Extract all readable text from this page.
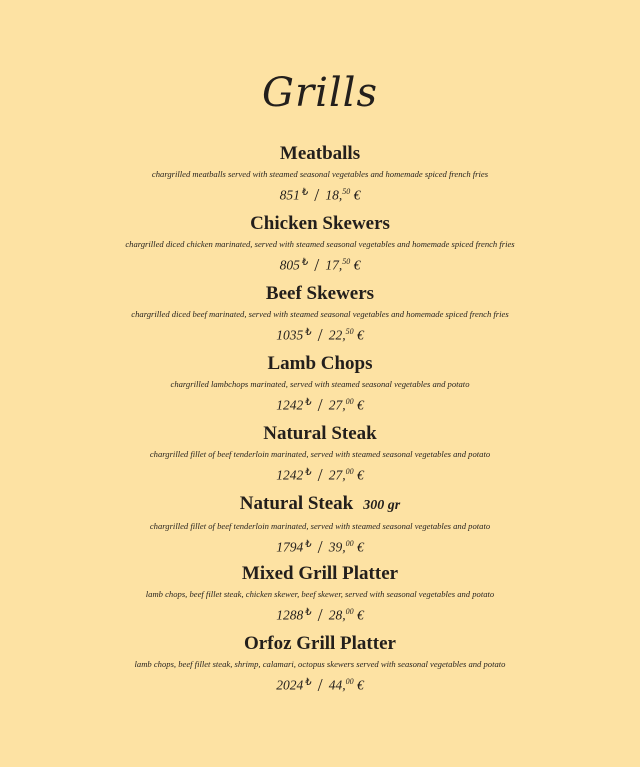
Grills
Meatballs
chargrilled meatballs served with steamed seasonal vegetables and homemade spiced french fries
851 ₺ / 18,50 €
Chicken Skewers
chargrilled diced chicken marinated, served with steamed seasonal vegetables and homemade spiced french fries
805 ₺ / 17,50 €
Beef Skewers
chargrilled diced beef marinated, served with steamed seasonal vegetables and homemade spiced french fries
1035 ₺ / 22,50 €
Lamb Chops
chargrilled lambchops marinated, served with steamed seasonal vegetables and potato
1242 ₺ / 27,00 €
Natural Steak
chargrilled fillet of beef tenderloin marinated, served with steamed seasonal vegetables and potato
1242 ₺ / 27,00 €
Natural Steak 300 gr
chargrilled fillet of beef tenderloin marinated, served with steamed seasonal vegetables and potato
1794 ₺ / 39,00 €
Mixed Grill Platter
lamb chops, beef fillet steak, chicken skewer, beef skewer, served with seasonal vegetables and potato
1288 ₺ / 28,00 €
Orfoz Grill Platter
lamb chops, beef fillet steak, shrimp, calamari, octopus skewers served with seasonal vegetables and potato
2024 ₺ / 44,00 €
